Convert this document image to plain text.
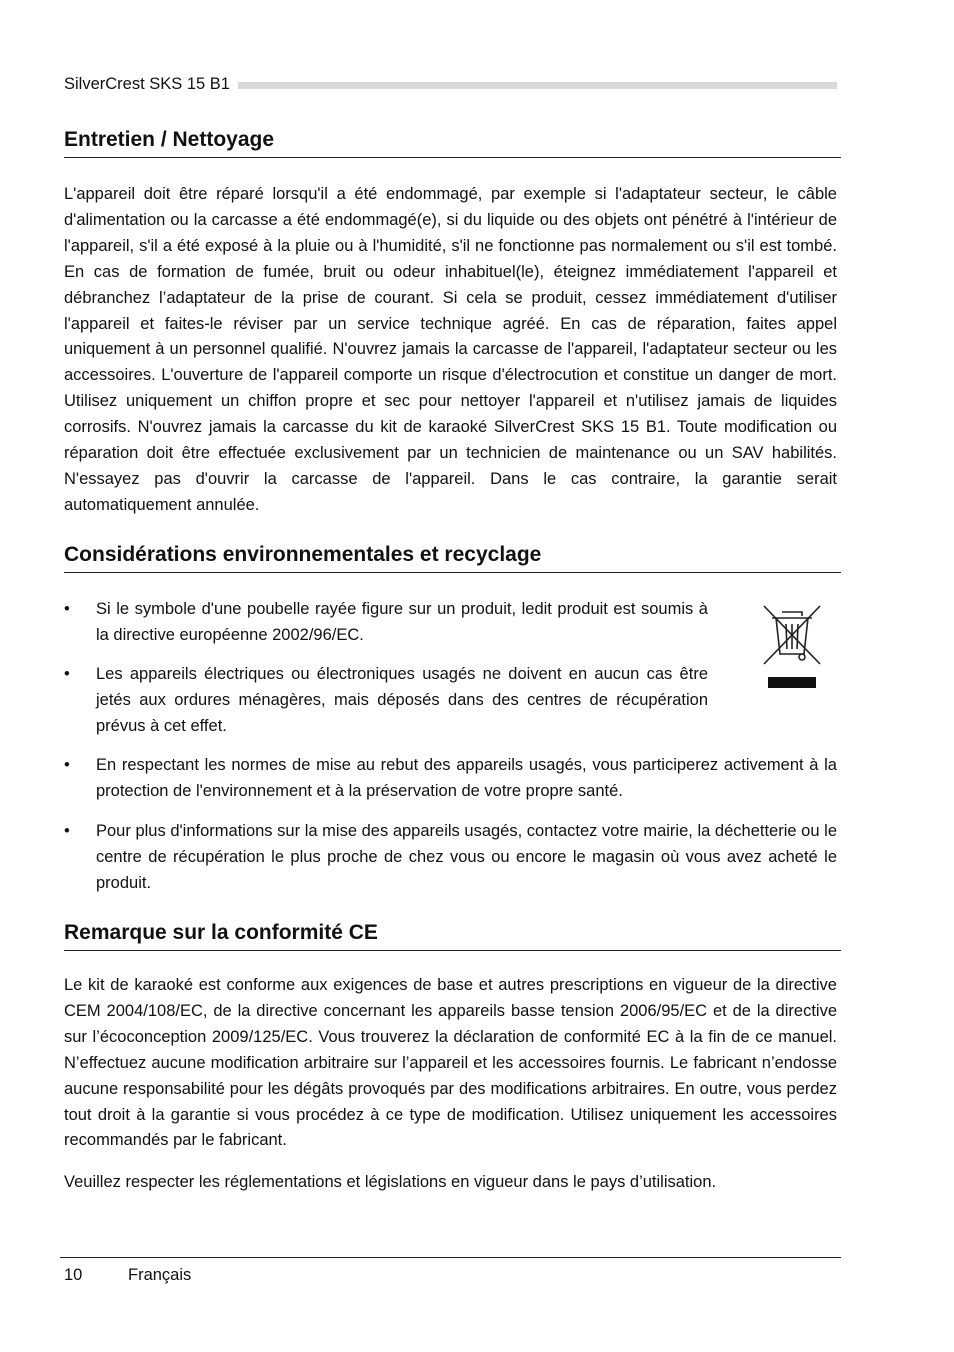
SilverCrest SKS 15 B1
Entretien / Nettoyage

L'appareil doit être réparé lorsqu'il a été endommagé, par exemple si l'adaptateur secteur, le câble d'alimentation ou la carcasse a été endommagé(e), si du liquide ou des objets ont pénétré à l'intérieur de l'appareil, s'il a été exposé à la pluie ou à l'humidité, s'il ne fonctionne pas normalement ou s'il est tombé. En cas de formation de fumée, bruit ou odeur inhabituel(le), éteignez immédiatement l'appareil et débranchez l’adaptateur de la prise de courant. Si cela se produit, cessez immédiatement d'utiliser l'appareil et faites-le réviser par un service technique agréé. En cas de réparation, faites appel uniquement à un personnel qualifié. N'ouvrez jamais la carcasse de l'appareil, l'adaptateur secteur ou les accessoires. L'ouverture de l'appareil comporte un risque d'électrocution et constitue un danger de mort. Utilisez uniquement un chiffon propre et sec pour nettoyer l'appareil et n'utilisez jamais de liquides corrosifs. N'ouvrez jamais la carcasse du kit de karaoké SilverCrest SKS 15 B1. Toute modification ou réparation doit être effectuée exclusivement par un technicien de maintenance ou un SAV habilités. N'essayez pas d'ouvrir la carcasse de l'appareil. Dans le cas contraire, la garantie serait automatiquement annulée.

Considérations environnementales et recyclage
•	Si le symbole d'une poubelle rayée figure sur un produit, ledit produit est soumis à la directive européenne 2002/96/EC.
•	Les appareils électriques ou électroniques usagés ne doivent en aucun cas être jetés aux ordures ménagères, mais déposés dans des centres de récupération prévus à cet effet.
•	En respectant les normes de mise au rebut des appareils usagés, vous participerez activement à la protection de l'environnement et à la préservation de votre propre santé.
•	Pour plus d'informations sur la mise des appareils usagés, contactez votre mairie, la déchetterie ou le centre de récupération le plus proche de chez vous ou encore le magasin où vous avez acheté le produit.
Remarque sur la conformité CE

Le kit de karaoké est conforme aux exigences de base et autres prescriptions en vigueur de la directive CEM 2004/108/EC, de la directive concernant les appareils basse tension 2006/95/EC et de la directive sur l’écoconception 2009/125/EC. Vous trouverez la déclaration de conformité EC à la fin de ce manuel. N’effectuez aucune modification arbitraire sur l’appareil et les accessoires fournis. Le fabricant n’endosse aucune responsabilité pour les dégâts provoqués par des modifications arbitraires. En outre, vous perdez tout droit à la garantie si vous procédez à ce type de modification. Utilisez uniquement les accessoires recommandés par le fabricant.

Veuillez respecter les réglementations et législations en vigueur dans le pays d’utilisation.

10	Français
